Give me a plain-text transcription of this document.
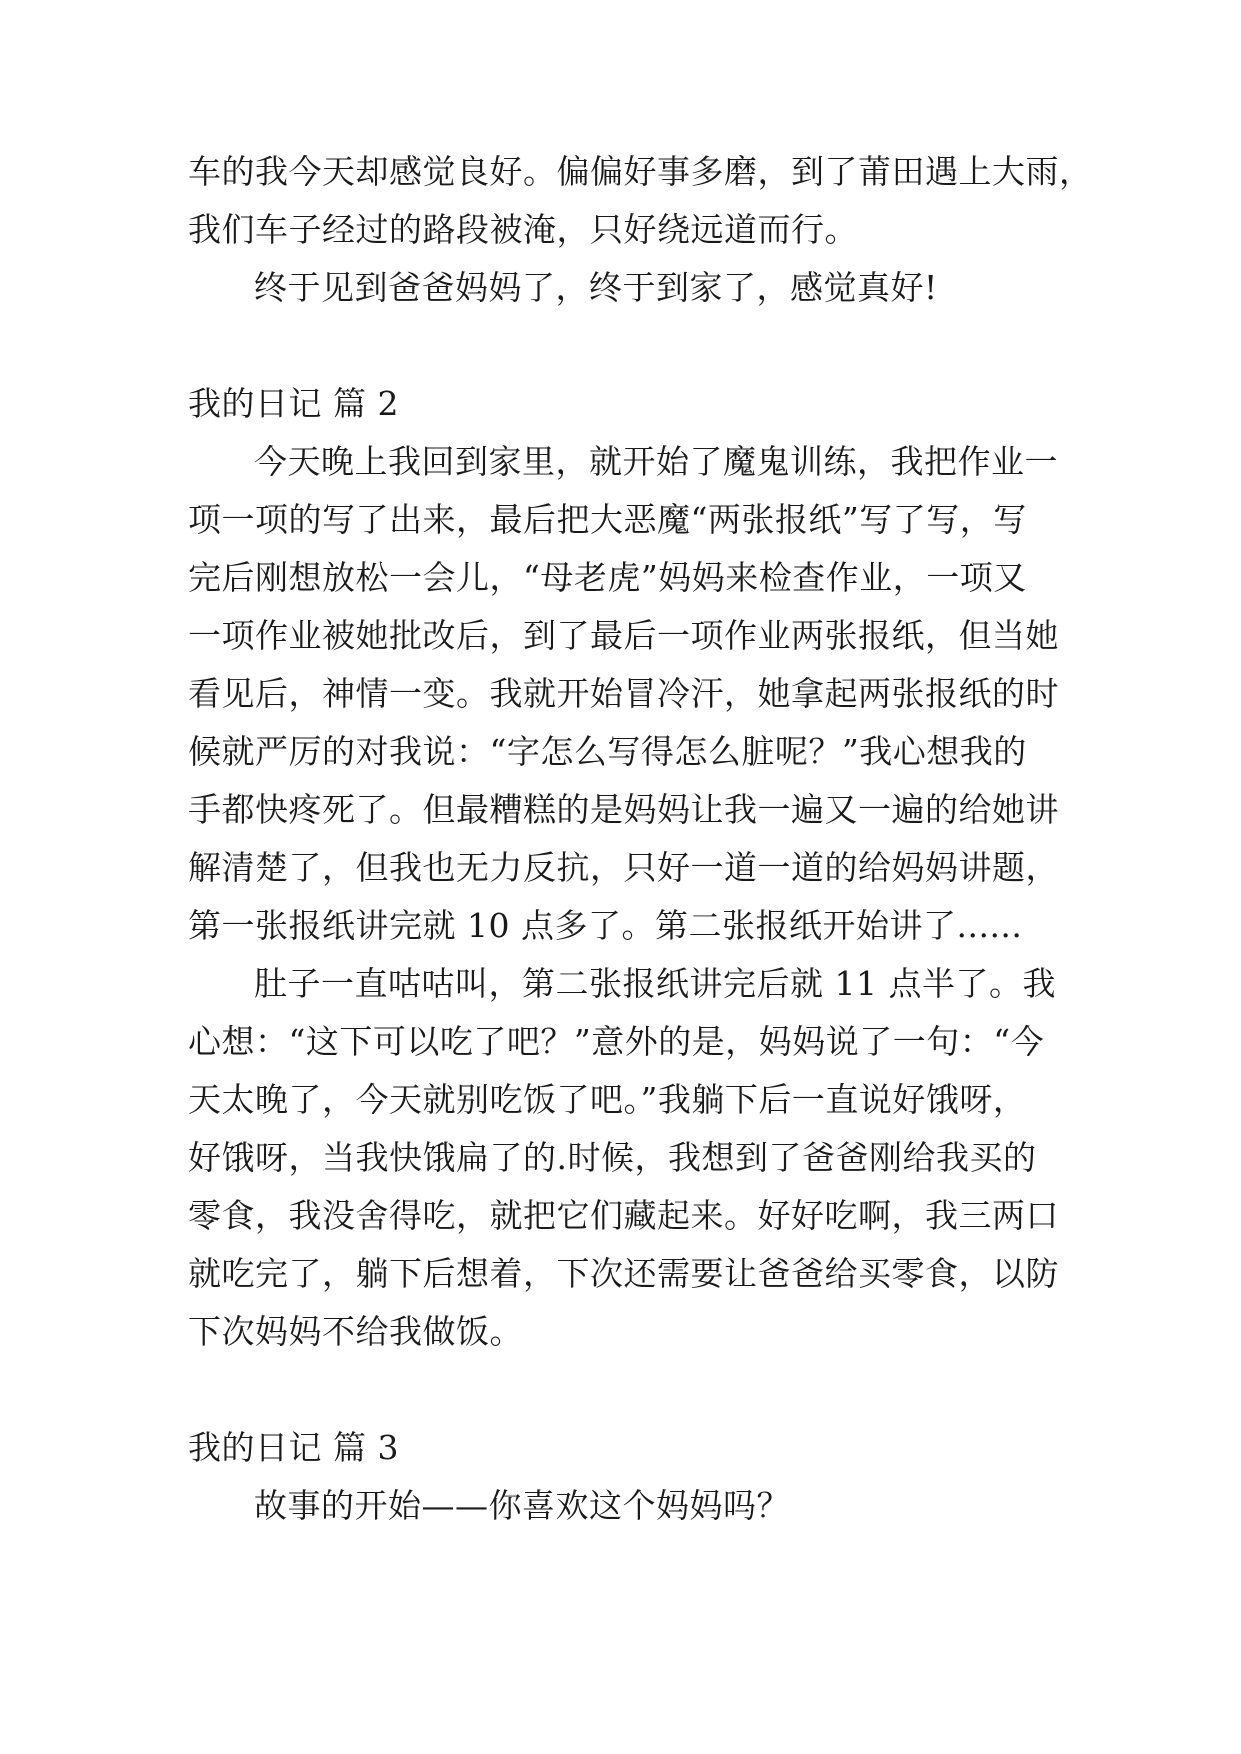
车的我今天却感觉良好。偏偏好事多磨，到了莆田遇上大雨，
我们车子经过的路段被淹，只好绕远道而行。
终于见到爸爸妈妈了，终于到家了，感觉真好!
我的日记 篇 2
今天晚上我回到家里，就开始了魔鬼训练，我把作业一
项一项的写了出来，最后把大恶魔“两张报纸”写了写，写
完后刚想放松一会儿，“母老虎”妈妈来检查作业，一项又
一项作业被她批改后，到了最后一项作业两张报纸，但当她
看见后，神情一变。我就开始冒冷汗，她拿起两张报纸的时
候就严厉的对我说：“字怎么写得怎么脏呢？”我心想我的
手都快疼死了。但最糟糕的是妈妈让我一遍又一遍的给她讲
解清楚了，但我也无力反抗，只好一道一道的给妈妈讲题，
第一张报纸讲完就 10 点多了。第二张报纸开始讲了......
肚子一直咕咕叫，第二张报纸讲完后就 11 点半了。我
心想：“这下可以吃了吧？”意外的是，妈妈说了一句：“今
天太晚了，今天就别吃饭了吧。”我躺下后一直说好饿呀，
好饿呀，当我快饿扁了的.时候，我想到了爸爸刚给我买的
零食，我没舍得吃，就把它们藏起来。好好吃啊，我三两口
就吃完了，躺下后想着，下次还需要让爸爸给买零食，以防
下次妈妈不给我做饭。
我的日记 篇 3
故事的开始——你喜欢这个妈妈吗？
